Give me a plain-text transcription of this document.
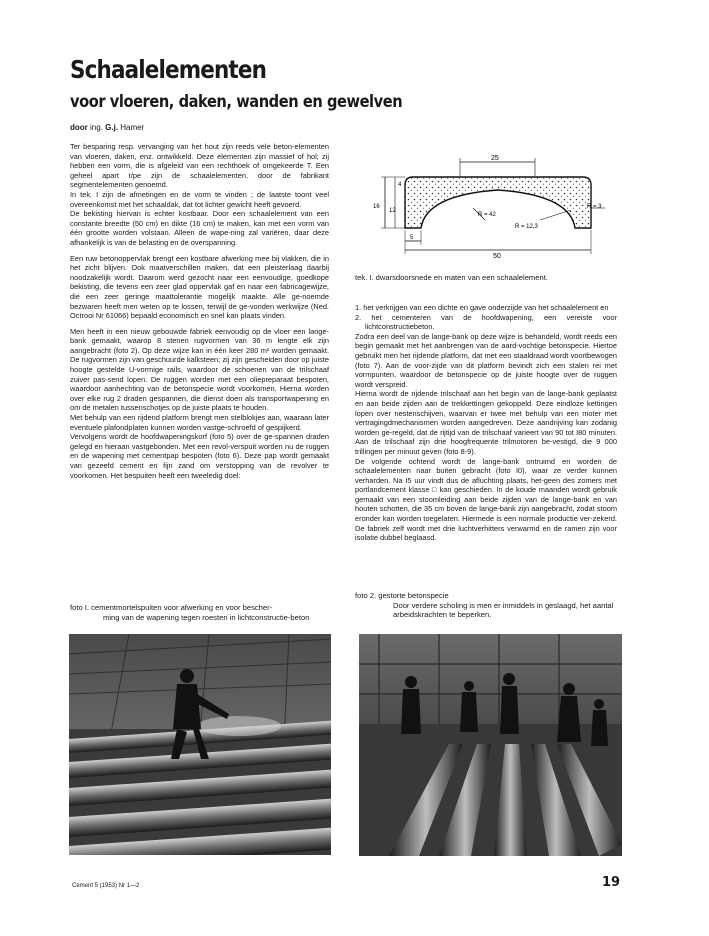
Schaalelementen
voor vloeren, daken, wanden en gewelven
door ing. G.j. Hamer

Ter besparing resp. vervanging van het hout zijn reeds vele beton-elementen van vloeren, daken, enz. ontwikkeld. Deze elementen zijn massief of hol; zij hebben een vorm, die is afgeleid van een rechthoek of omgekeerde T. Een geheel apart t/pe zijn de schaalelementen, door de fabrikant segmentelementen genoemd.

In tek. I zijn de afmetingen en de vorm te vinden ; de laatste toont veel overeenkomst met het schaaldak, dat tot lichter gewicht heeft gevoerd.

De bekisting hiervan is echter kostbaar. Door een schaalelement van een constante breedte (50 cm) en dikte (16 cm) te maken, kan met een vorm van één grootte worden volstaan. Alleen de wape-ning zal variëren, daar deze afhankelijk is van de belasting en de overspanning.

Een ruw betonoppervlak brengt een kostbare afwerking mee bij vlakken, die in het zicht blijven. Ook maatverschillen maken, dat een pleisterlaag daarbij noodzakelijk wordt. Daarom werd gezocht naar een eenvoudige, goedkope bekisting, die tevens een zeer glad oppervlak gaf en naar een fabricagewijze, die een zeer geringe maattolerantie mogelijk maakte. Alle ge-noemde bezwaren heeft men weten op te lossen, terwijl de ge-vonden werkwijze (Ned. Octrooi Nr 61066) bepaald economisch en snel kan plaats vinden.

Men heeft in een nieuw gebouwde fabriek eenvoudig op de vloer een lange-bank gemaakt, waarop 8 stenen rugvormen van 36 m lengte elk zijn aangebracht (foto 2). Op deze wijze kan in één keer 280 m² worden gemaakt. De rugvormen zijn van geschuurde kalksteen; zij zijn gescheiden door op juiste hoogte gestelde U-vormige rails, waardoor de schoenen van de trilschaaf zuiver pas-send lopen. De ruggen worden met een oliepreparaat bespoten, waardoor aanhechting van de betonspecie wordt voorkomen. Hierna worden over elke rug 2 draden gespannen, die dienst doen als transportwapening en om de metalen tussenschotjes op de juiste plaats te houden.

Met behulp van een rijdend platform brengt men stelblokjes aan, waaraan later eventuele plafondplaten kunnen worden vastge-schroefd of gespijkerd.

Vervolgens wordt de hoofdwapeningskorf (foto 5) over de ge-spannen draden gelegd en hieraan vastgebonden. Met een revol-verspuit worden nu de ruggen en de wapening met cementpap bespoten (foto 6). Deze pap wordt gemaakt van gezeefd cement en fijn zand om verstopping van de revolver te voorkomen. Het bespuiten heeft een tweeledig doel:

foto I. cementmortelspuiten voor afwerking en voor bescher-
ming van de wapening tegen roesten in lichtconstructie-beton
25
16
12
4
R = 42
R = 12,3
R = 3
5
50
tek. I. dwarsdoorsnede en maten van een schaalelement.
1. het verkrijgen van een dichte en gave onderzijde van het schaalelement en
2. het cementeren van de hoofdwapening, een vereiste voor lichtconstructiebeton.

Zodra een deel van de lange-bank op deze wijze is behandeld, wordt reeds een begin gemaakt met het aanbrengen van de aard-vochtige betonspecie. Hiertoe gebruikt men het rijdende platform, dat met een staaldraad wordt voortbewogen (foto 7). Aan de voor-zijde van dit platform bevindt zich een stalen rei met vormpunten, waardoor de betonspecie op de juiste hoogte over de ruggen wordt verspreid.

Hierna wordt de rijdende trilschaaf aan het begin van de lange-bank geplaatst en aan beide zijden aan de trekkettingen gekoppeld. Deze eindloze kettingen lopen over nestenschijven, waarvan er twee met behulp van een moter met vertragingdmechanismen worden aangedreven. Deze aandrijving kan zodanig worden ge-regeld, dat de rijtijd van de trilschaaf varieert van 90 tot I80 minuten. Aan de trilschaaf zijn drie hoogfrequente trilmotoren be-vestigd, die 9 000 trillingen per minuut geven (foto 8-9).

De volgende ochtend wordt de lange-bank ontruimd en worden de schaalelementen naar buiten gebracht (foto I0), waar ze verder kunnen verharden. Na I5 uur vindt dus de afluchting plaats, het-geen des zomers met portlandcement klasse □ kan geschieden. In de koude maanden wordt gebruik gemaakt van een stoomleiding aan beide zijden van de lange-bank en van houten schotten, die 35 cm boven de lange-bank zijn aangebracht, zodat stoom eronder kan worden toegelaten. Hiermede is een normale productie ver-zekerd. De fabriek zelf wordt met drie luchtverhitters verwarmd en de ramen zijn voor isolatie dubbel beglaasd.

foto 2. gestorte betonspecie
Door verdere scholing is men er inmiddels in geslaagd, het aantal arbeidskrachten te beperken.
Cement 5 (1953) Nr 1—2	19
